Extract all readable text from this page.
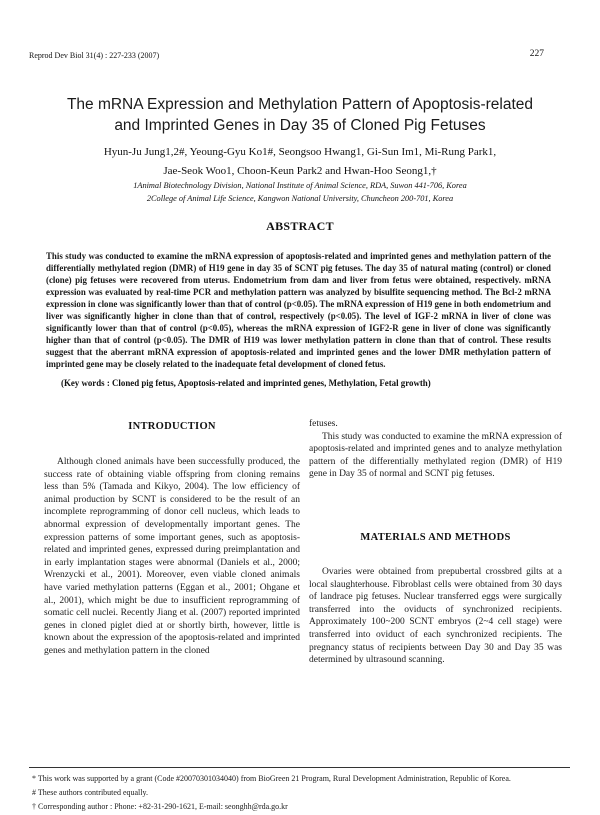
Reprod Dev Biol 31(4) : 227-233 (2007)	227
The mRNA Expression and Methylation Pattern of Apoptosis-related
and Imprinted Genes in Day 35 of Cloned Pig Fetuses
Hyun-Ju Jung1,2#, Yeoung-Gyu Ko1#, Seongsoo Hwang1, Gi-Sun Im1, Mi-Rung Park1,
Jae-Seok Woo1, Choon-Keun Park2 and Hwan-Hoo Seong1,†
1Animal Biotechnology Division, National Institute of Animal Science, RDA, Suwon 441-706, Korea
2College of Animal Life Science, Kangwon National University, Chuncheon 200-701, Korea
ABSTRACT
This study was conducted to examine the mRNA expression of apoptosis-related and imprinted genes and methylation pattern of the differentially methylated region (DMR) of H19 gene in day 35 of SCNT pig fetuses. The day 35 of natural mating (control) or cloned (clone) pig fetuses were recovered from uterus. Endometrium from dam and liver from fetus were obtained, respectively. mRNA expression was evaluated by real-time PCR and methylation pattern was analyzed by bisulfite sequencing method. The Bcl-2 mRNA expression in clone was significantly lower than that of control (p<0.05). The mRNA expression of H19 gene in both endometrium and liver was significantly higher in clone than that of control, respectively (p<0.05). The level of IGF-2 mRNA in liver of clone was significantly lower than that of control (p<0.05), whereas the mRNA expression of IGF2-R gene in liver of clone was significantly higher than that of control (p<0.05). The DMR of H19 was lower methylation pattern in clone than that of control. These results suggest that the aberrant mRNA expression of apoptosis-related and imprinted genes and the lower DMR methylation pattern of imprinted gene may be closely related to the inadequate fetal development of cloned fetus.
(Key words : Cloned pig fetus, Apoptosis-related and imprinted genes, Methylation, Fetal growth)
INTRODUCTION

Although cloned animals have been successfully produced, the success rate of obtaining viable offspring from cloning remains less than 5% (Tamada and Kikyo, 2004). The low efficiency of animal production by SCNT is considered to be the result of an incomplete reprogramming of donor cell nucleus, which leads to abnormal expression of developmentally important genes. The expression patterns of some important genes, such as apoptosis-related and imprinted genes, expressed during preimplantation and in early implantation stages were abnormal (Daniels et al., 2000; Wrenzycki et al., 2001). Moreover, even viable cloned animals have varied methylation patterns (Eggan et al., 2001; Ohgane et al., 2001), which might be due to insufficient reprogramming of somatic cell nuclei. Recently Jiang et al. (2007) reported imprinted genes in cloned piglet died at or shortly birth, however, little is known about the expression of the apoptosis-related and imprinted genes and methylation pattern in the cloned

fetuses.

This study was conducted to examine the mRNA expression of apoptosis-related and imprinted genes and to analyze methylation pattern of the differentially methylated region (DMR) of H19 gene in Day 35 of normal and SCNT pig fetuses.

MATERIALS AND METHODS

Ovaries were obtained from prepubertal crossbred gilts at a local slaughterhouse. Fibroblast cells were obtained from 30 days of landrace pig fetuses. Nuclear transferred eggs were surgically transferred into the oviducts of synchronized recipients. Approximately 100~200 SCNT embryos (2~4 cell stage) were transferred into oviduct of each synchronized recipients. The pregnancy status of recipients between Day 30 and Day 35 was determined by ultrasound scanning.

* This work was supported by a grant (Code #20070301034040) from BioGreen 21 Program, Rural Development Administration, Republic of Korea.
# These authors contributed equally.
† Corresponding author : Phone: +82-31-290-1621, E-mail: seonghh@rda.go.kr
